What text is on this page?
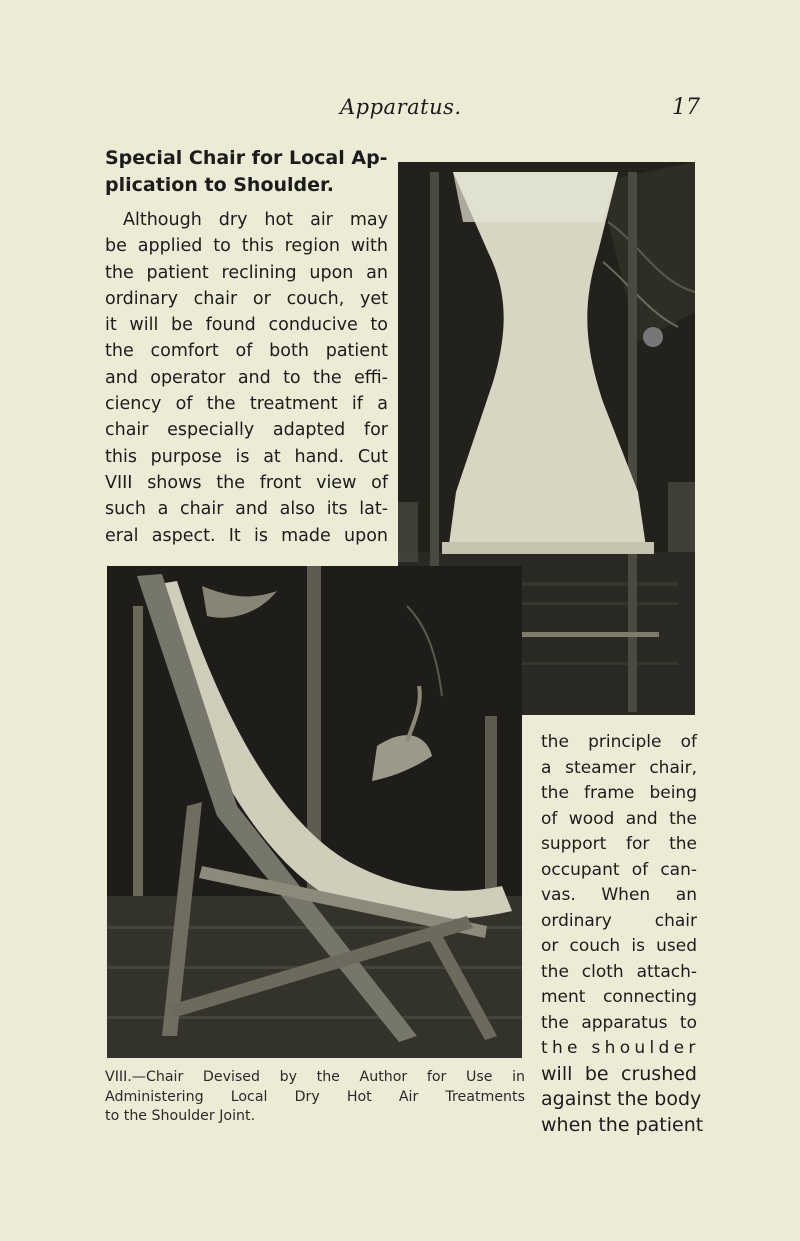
Apparatus.	17
Special Chair for Local Ap-
plication to Shoulder.
Although dry hot air may
be applied to this region with
the patient reclining upon an
ordinary chair or couch, yet
it will be found conducive to
the comfort of both patient
and operator and to the effi-
ciency of the treatment if a
chair especially adapted for
this purpose is at hand. Cut
VIII shows the front view of
such a chair and also its lat-
eral aspect. It is made upon
the principle of
a steamer chair,
the frame being
of wood and the
support for the
occupant of can-
vas. When an
ordinary chair
or couch is used
the cloth attach-
ment connecting
the apparatus to
the shoulder
will be crushed
against the body
when the patient
VIII.—Chair Devised by the Author for Use in
Administering Local Dry Hot Air Treatments
to the Shoulder Joint.
